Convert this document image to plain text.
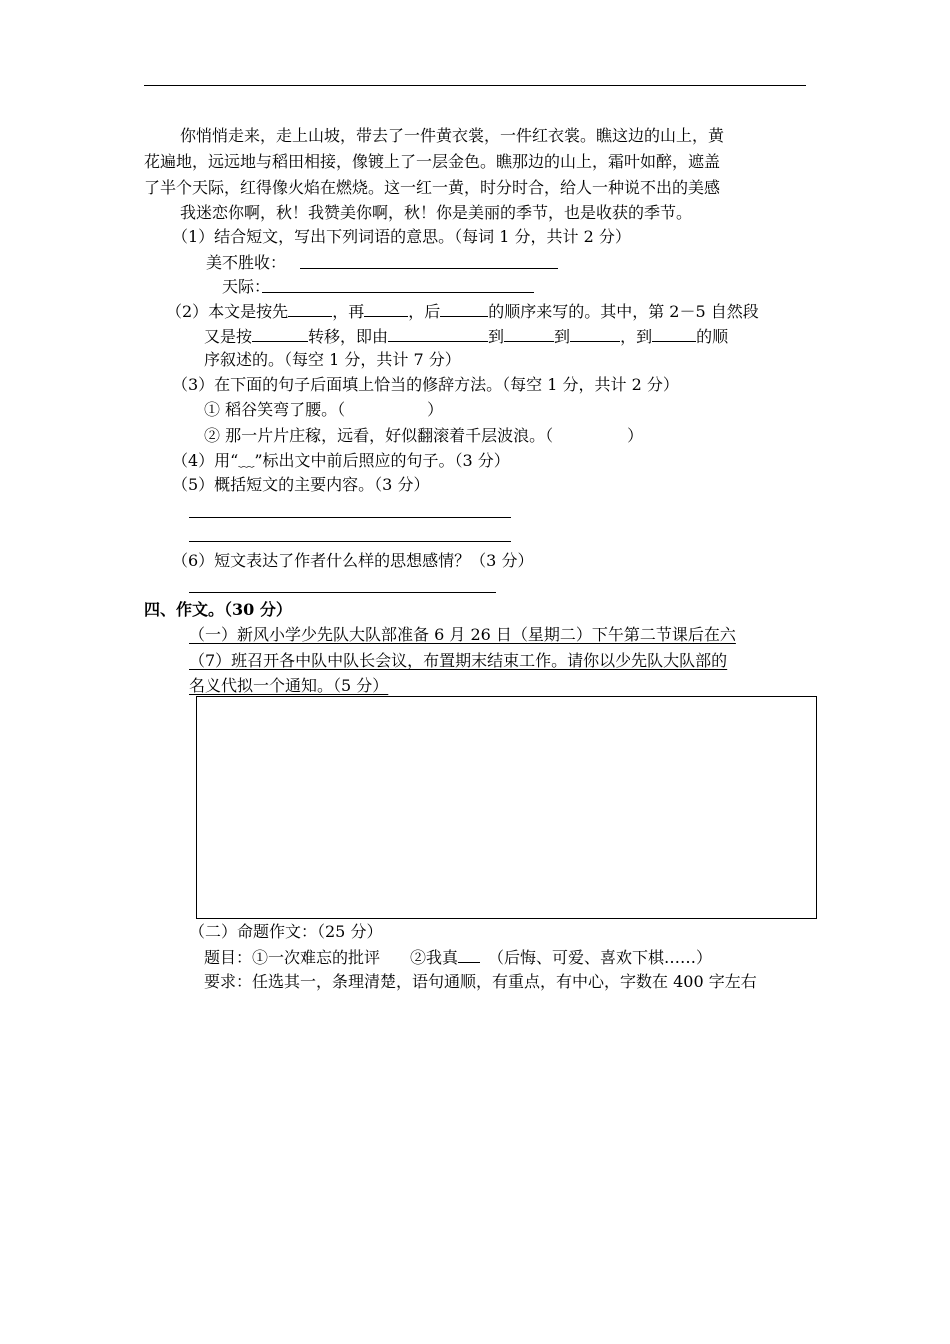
你悄悄走来，走上山坡，带去了一件黄衣裳，一件红衣裳。瞧这边的山上，黄
花遍地，远远地与稻田相接，像镀上了一层金色。瞧那边的山上，霜叶如醉，遮盖
了半个天际，红得像火焰在燃烧。这一红一黄，时分时合，给人一种说不出的美感
我迷恋你啊，秋！我赞美你啊，秋！你是美丽的季节，也是收获的季节。
（1）结合短文，写出下列词语的意思。（每词 1 分，共计 2 分）
美不胜收：
天际：
（2）本文是按先	，再	，后	的顺序来写的。其中，第 2－5 自然段
又是按	转移，即由	到	到	，到	的顺
序叙述的。（每空 1 分，共计 7 分）
（3）在下面的句子后面填上恰当的修辞方法。（每空 1 分，共计 2 分）
① 稻谷笑弯了腰。（	）
② 那一片片庄稼，远看，好似翻滚着千层波浪。（	）
（4）用“﹏”标出文中前后照应的句子。（3 分）
（5）概括短文的主要内容。（3 分）
（6）短文表达了作者什么样的思想感情？（3 分）
四、作文。（30 分）
（一）新风小学少先队大队部准备 6 月 26 日（星期二）下午第二节课后在六
（7）班召开各中队中队长会议，布置期末结束工作。请你以少先队大队部的
名义代拟一个通知。（5 分）
（二）命题作文：（25 分）
题目：①一次难忘的批评 ②我真 （后悔、可爱、喜欢下棋……）
要求：任选其一，条理清楚，语句通顺，有重点，有中心，字数在 400 字左右
